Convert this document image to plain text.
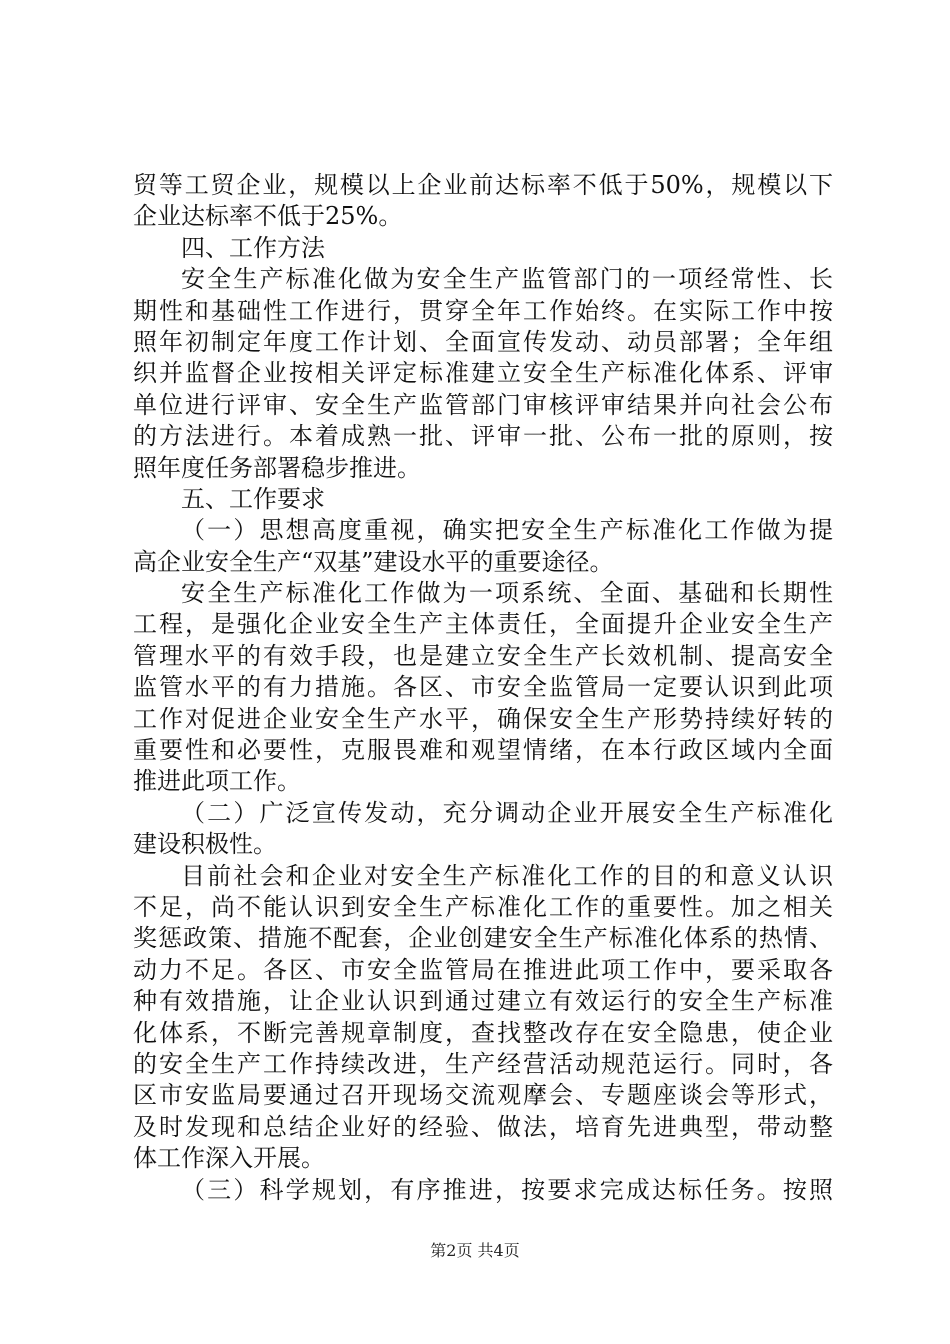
贸等工贸企业，规模以上企业前达标率不低于50%，规模以下
企业达标率不低于25%。
四、工作方法
安全生产标准化做为安全生产监管部门的一项经常性、长
期性和基础性工作进行，贯穿全年工作始终。在实际工作中按
照年初制定年度工作计划、全面宣传发动、动员部署；全年组
织并监督企业按相关评定标准建立安全生产标准化体系、评审
单位进行评审、安全生产监管部门审核评审结果并向社会公布
的方法进行。本着成熟一批、评审一批、公布一批的原则，按
照年度任务部署稳步推进。
五、工作要求
（一）思想高度重视，确实把安全生产标准化工作做为提
高企业安全生产“双基”建设水平的重要途径。
安全生产标准化工作做为一项系统、全面、基础和长期性
工程，是强化企业安全生产主体责任，全面提升企业安全生产
管理水平的有效手段，也是建立安全生产长效机制、提高安全
监管水平的有力措施。各区、市安全监管局一定要认识到此项
工作对促进企业安全生产水平，确保安全生产形势持续好转的
重要性和必要性，克服畏难和观望情绪，在本行政区域内全面
推进此项工作。
（二）广泛宣传发动，充分调动企业开展安全生产标准化
建设积极性。
目前社会和企业对安全生产标准化工作的目的和意义认识
不足，尚不能认识到安全生产标准化工作的重要性。加之相关
奖惩政策、措施不配套，企业创建安全生产标准化体系的热情、
动力不足。各区、市安全监管局在推进此项工作中，要采取各
种有效措施，让企业认识到通过建立有效运行的安全生产标准
化体系，不断完善规章制度，查找整改存在安全隐患，使企业
的安全生产工作持续改进，生产经营活动规范运行。同时，各
区市安监局要通过召开现场交流观摩会、专题座谈会等形式，
及时发现和总结企业好的经验、做法，培育先进典型，带动整
体工作深入开展。
（三）科学规划，有序推进，按要求完成达标任务。按照
第2页 共4页
